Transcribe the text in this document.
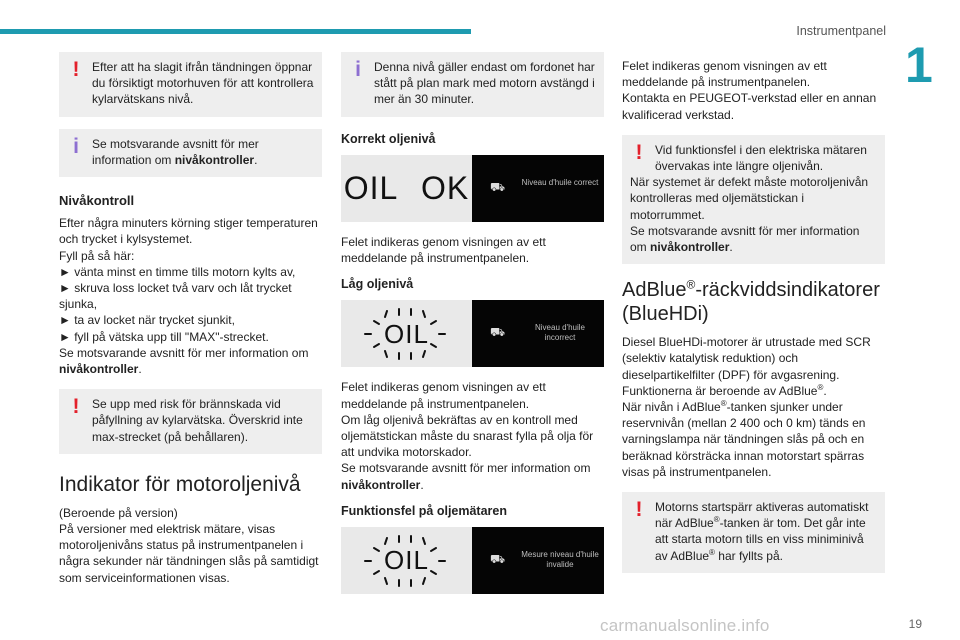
Instrumentpanel
1
!	Efter att ha slagit ifrån tändningen öppnar du försiktigt motorhuven för att kontrollera kylarvätskans nivå.
i	Se motsvarande avsnitt för mer information om nivåkontroller.
Nivåkontroll

Efter några minuters körning stiger temperaturen och trycket i kylsystemet.

Fyll på så här:

► vänta minst en timme tills motorn kylts av,

► skruva loss locket två varv och låt trycket sjunka,

► ta av locket när trycket sjunkit,

► fyll på vätska upp till "MAX"-strecket.

Se motsvarande avsnitt för mer information om nivåkontroller.

!	Se upp med risk för brännskada vid påfyllning av kylarvätska. Överskrid inte max-strecket (på behållaren).
Indikator för motoroljenivå

(Beroende på version)

På versioner med elektrisk mätare, visas motoroljenivåns status på instrumentpanelen i några sekunder när tändningen slås på samtidigt som serviceinformationen visas.

i	Denna nivå gäller endast om fordonet har stått på plan mark med motorn avstängd i mer än 30 minuter.
Korrekt oljenivå
OIL OK ⛟ Niveau d'huile correct

Felet indikeras genom visningen av ett meddelande på instrumentpanelen.

Låg oljenivå
OIL	⛟	Niveau d'huile incorrect

Felet indikeras genom visningen av ett meddelande på instrumentpanelen.

Om låg oljenivå bekräftas av en kontroll med oljemätstickan måste du snarast fylla på olja för att undvika motorskador.

Se motsvarande avsnitt för mer information om nivåkontroller.

Funktionsfel på oljemätaren
OIL	⛟ Mesure niveau d'huile invalide

Felet indikeras genom visningen av ett meddelande på instrumentpanelen.

Kontakta en PEUGEOT-verkstad eller en annan kvalificerad verkstad.

!	Vid funktionsfel i den elektriska mätaren övervakas inte längre oljenivån.

När systemet är defekt måste motoroljenivån kontrolleras med oljemätstickan i motorrummet.

Se motsvarande avsnitt för mer information om nivåkontroller.

AdBlue®-räckviddsindikatorer (BlueHDi)

Diesel BlueHDi-motorer är utrustade med SCR (selektiv katalytisk reduktion) och dieselpartikelfilter (DPF) för avgasrening. Funktionerna är beroende av AdBlue®.

När nivån i AdBlue®-tanken sjunker under reservnivån (mellan 2 400 och 0 km) tänds en varningslampa när tändningen slås på och en beräknad körsträcka innan motorstart spärras visas på instrumentpanelen.

!	Motorns startspärr aktiveras automatiskt när AdBlue®-tanken är tom. Det går inte att starta motorn tills en viss miniminivå av AdBlue® har fyllts på.
carmanualsonline.info	19
